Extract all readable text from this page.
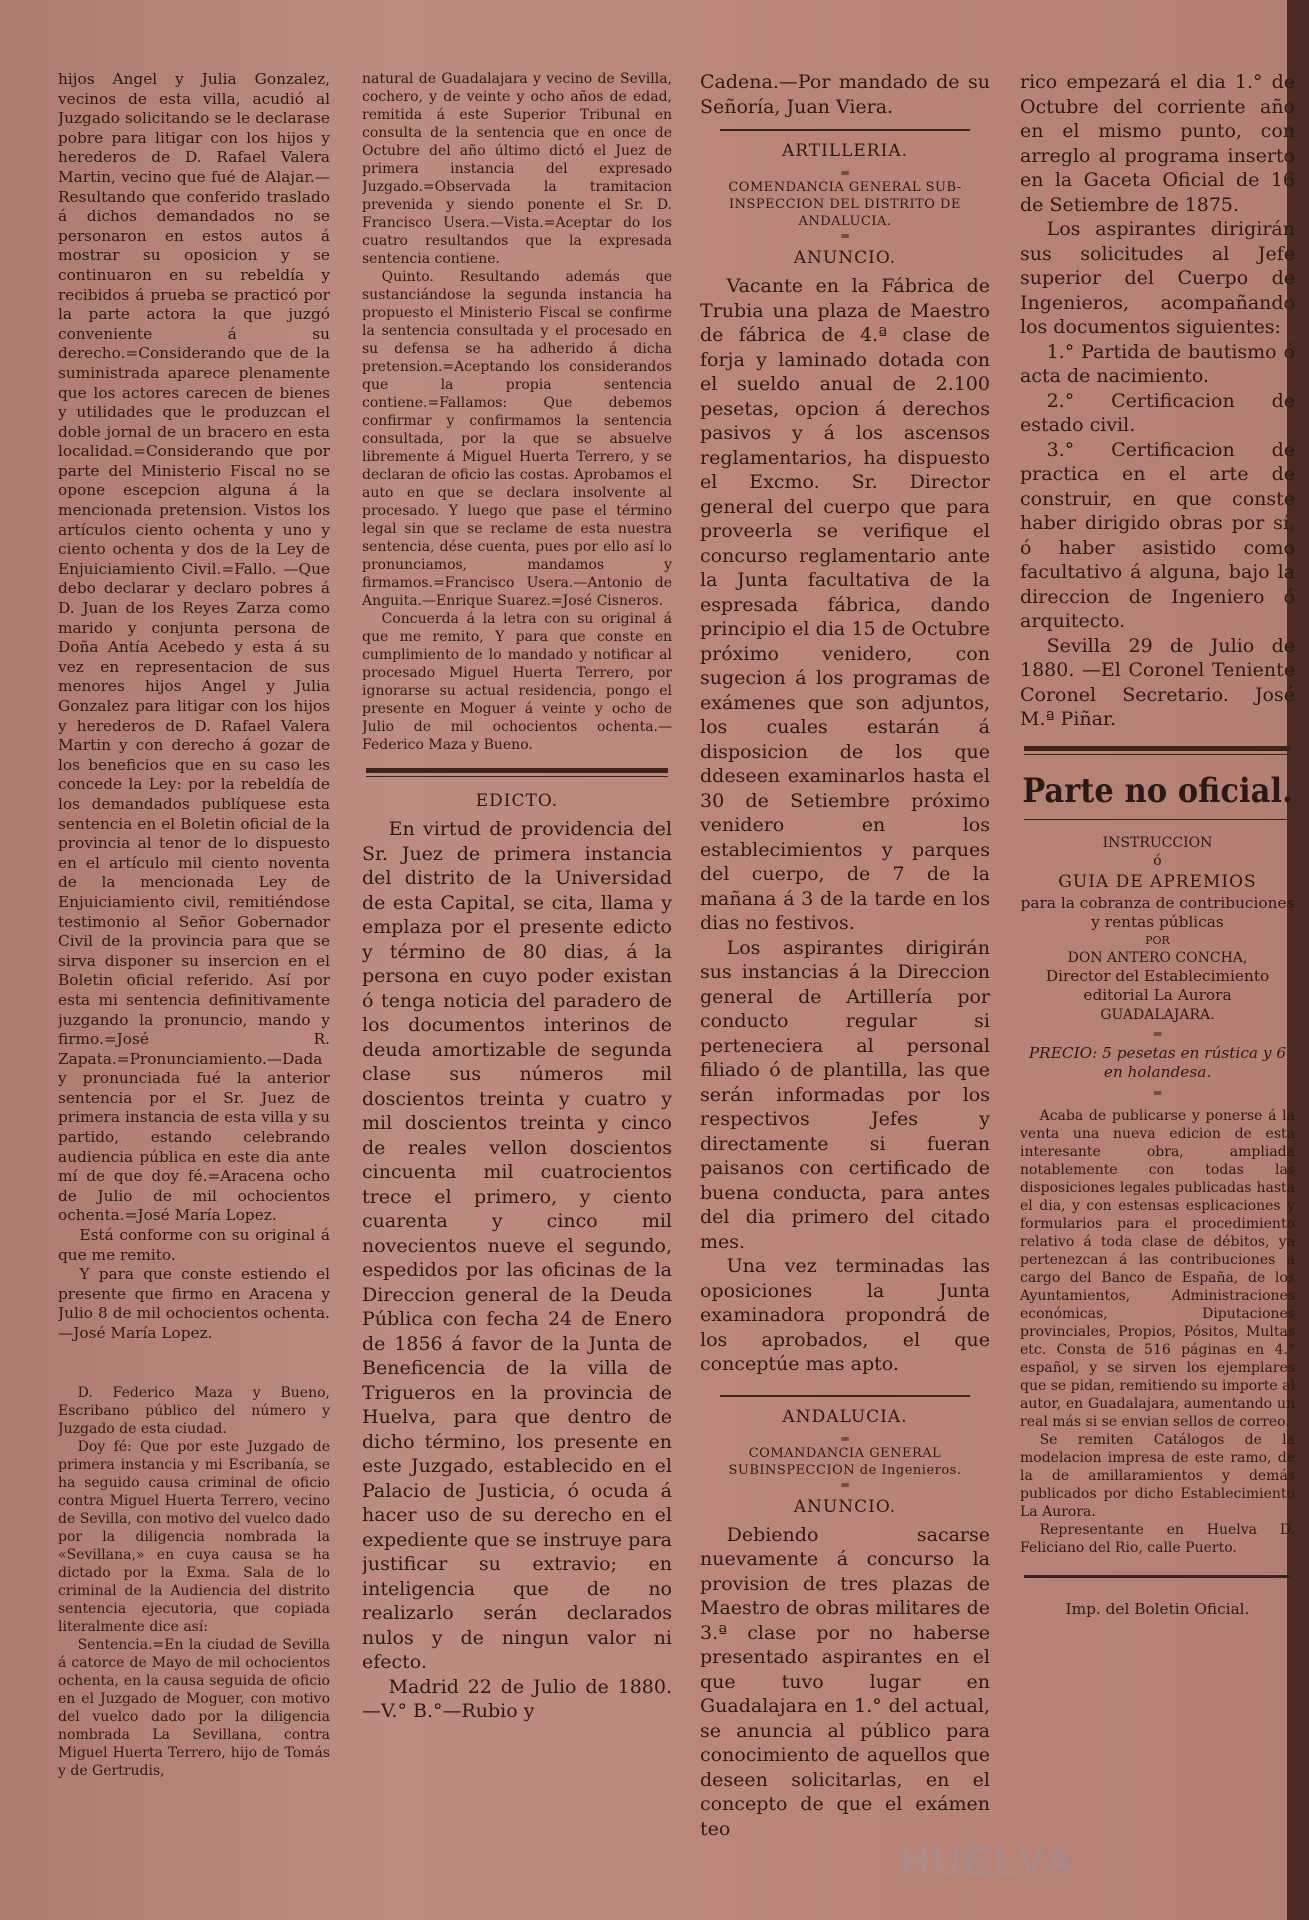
hijos Angel y Julia Gonzalez, vecinos de esta villa, acudió al Juzgado solicitando se le declarase pobre para litigar con los hijos y herederos de D. Rafael Valera Martin, vecino que fué de Alajar.—Resultando que conferido traslado á dichos demandados no se personaron en estos autos á mostrar su oposicion y se continuaron en su rebeldía y recibidos á prueba se practicó por la parte actora la que juzgó conveniente á su derecho.=Considerando que de la suministrada aparece plenamente que los actores carecen de bienes y utilidades que le produzcan el doble jornal de un bracero en esta localidad.=Considerando que por parte del Ministerio Fiscal no se opone escepcion alguna á la mencionada pretension. Vistos los artículos ciento ochenta y uno y ciento ochenta y dos de la Ley de Enjuiciamiento Civil.=Fallo. —Que debo declarar y declaro pobres á D. Juan de los Reyes Zarza como marido y conjunta persona de Doña Antía Acebedo y esta á su vez en representacion de sus menores hijos Angel y Julia Gonzalez para litigar con los hijos y herederos de D. Rafael Valera Martin y con derecho á gozar de los beneficios que en su caso les concede la Ley: por la rebeldía de los demandados publíquese esta sentencia en el Boletin oficial de la provincia al tenor de lo dispuesto en el artículo mil ciento noventa de la mencionada Ley de Enjuiciamiento civil, remitiéndose testimonio al Señor Gobernador Civil de la provincia para que se sirva disponer su insercion en el Boletin oficial referido. Así por esta mi sentencia definitivamente juzgando la pronuncio, mando y firmo.=José R. Zapata.=Pronunciamiento.—Dada y pronunciada fué la anterior sentencia por el Sr. Juez de primera instancia de esta villa y su partido, estando celebrando audiencia pública en este dia ante mí de que doy fé.=Aracena ocho de Julio de mil ochocientos ochenta.=José María Lopez.

Está conforme con su original á que me remito.

Y para que conste estiendo el presente que firmo en Aracena y Julio 8 de mil ochocientos ochenta. —José María Lopez.

D. Federico Maza y Bueno, Escribano público del número y Juzgado de esta ciudad.

Doy fé: Que por este Juzgado de primera instancia y mi Escribanía, se ha seguido causa criminal de oficio contra Miguel Huerta Terrero, vecino de Sevilla, con motivo del vuelco dado por la diligencia nombrada la «Sevillana,» en cuya causa se ha dictado por la Exma. Sala de lo criminal de la Audiencia del distrito sentencia ejecutoria, que copiada literalmente dice así:

Sentencia.=En la ciudad de Sevilla á catorce de Mayo de mil ochocientos ochenta, en la causa seguida de oficio en el Juzgado de Moguer, con motivo del vuelco dado por la diligencia nombrada La Sevillana, contra Miguel Huerta Terrero, hijo de Tomás y de Gertrudis,

natural de Guadalajara y vecino de Sevilla, cochero, y de veinte y ocho años de edad, remitida á este Superior Tribunal en consulta de la sentencia que en once de Octubre del año último dictó el Juez de primera instancia del expresado Juzgado.=Observada la tramitacion prevenida y siendo ponente el Sr. D. Francisco Usera.—Vista.=Aceptar do los cuatro resultandos que la expresada sentencia contiene.

Quinto. Resultando además que sustanciándose la segunda instancia ha propuesto el Ministerio Fiscal se confirme la sentencia consultada y el procesado en su defensa se ha adherido á dicha pretension.=Aceptando los considerandos que la propia sentencia contiene.=Fallamos: Que debemos confirmar y confirmamos la sentencia consultada, por la que se absuelve libremente á Miguel Huerta Terrero, y se declaran de oficio las costas. Aprobamos el auto en que se declara insolvente al procesado. Y luego que pase el término legal sin que se reclame de esta nuestra sentencia, dése cuenta, pues por ello así lo pronunciamos, mandamos y firmamos.=Francisco Usera.—Antonio de Anguita.—Enrique Suarez.=José Cisneros.

Concuerda á la letra con su original á que me remito, Y para que conste en cumplimiento de lo mandado y notificar al procesado Miguel Huerta Terrero, por ignorarse su actual residencia, pongo el presente en Moguer á veinte y ocho de Julio de mil ochocientos ochenta.—Federico Maza y Bueno.

EDICTO.

En virtud de providencia del Sr. Juez de primera instancia del distrito de la Universidad de esta Capital, se cita, llama y emplaza por el presente edicto y término de 80 dias, á la persona en cuyo poder existan ó tenga noticia del paradero de los documentos interinos de deuda amortizable de segunda clase sus números mil doscientos treinta y cuatro y mil doscientos treinta y cinco de reales vellon doscientos cincuenta mil cuatrocientos trece el primero, y ciento cuarenta y cinco mil novecientos nueve el segundo, espedidos por las oficinas de la Direccion general de la Deuda Pública con fecha 24 de Enero de 1856 á favor de la Junta de Beneficencia de la villa de Trigueros en la provincia de Huelva, para que dentro de dicho término, los presente en este Juzgado, establecido en el Palacio de Justicia, ó ocuda á hacer uso de su derecho en el expediente que se instruye para justificar su extravio; en inteligencia que de no realizarlo serán declarados nulos y de ningun valor ni efecto.

Madrid 22 de Julio de 1880.—V.° B.°—Rubio y

Cadena.—Por mandado de su Señoría, Juan Viera.

ARTILLERIA.
═
COMENDANCIA GENERAL SUB-INSPECCION DEL DISTRITO DE ANDALUCIA.
═
ANUNCIO.

Vacante en la Fábrica de Trubia una plaza de Maestro de fábrica de 4.ª clase de forja y laminado dotada con el sueldo anual de 2.100 pesetas, opcion á derechos pasivos y á los ascensos reglamentarios, ha dispuesto el Excmo. Sr. Director general del cuerpo que para proveerla se verifique el concurso reglamentario ante la Junta facultativa de la espresada fábrica, dando principio el dia 15 de Octubre próximo venidero, con sugecion á los programas de exámenes que son adjuntos, los cuales estarán á disposicion de los que ddeseen examinarlos hasta el 30 de Setiembre próximo venidero en los establecimientos y parques del cuerpo, de 7 de la mañana á 3 de la tarde en los dias no festivos.

Los aspirantes dirigirán sus instancias á la Direccion general de Artillería por conducto regular si perteneciera al personal filiado ó de plantilla, las que serán informadas por los respectivos Jefes y directamente si fueran paisanos con certificado de buena conducta, para antes del dia primero del citado mes.

Una vez terminadas las oposiciones la Junta examinadora propondrá de los aprobados, el que conceptúe mas apto.

ANDALUCIA.
═
COMANDANCIA GENERAL SUBINSPECCION de Ingenieros.
═
ANUNCIO.

Debiendo sacarse nuevamente á concurso la provision de tres plazas de Maestro de obras militares de 3.ª clase por no haberse presentado aspirantes en el que tuvo lugar en Guadalajara en 1.° del actual, se anuncia al público para conocimiento de aquellos que deseen solicitarlas, en el concepto de que el exámen teo

rico empezará el dia 1.° de Octubre del corriente año en el mismo punto, con arreglo al programa inserto en la Gaceta Oficial de 16 de Setiembre de 1875.

Los aspirantes dirigirán sus solicitudes al Jefe superior del Cuerpo de Ingenieros, acompañando los documentos siguientes:

1.° Partida de bautismo ó acta de nacimiento.

2.° Certificacion de estado civil.

3.° Certificacion de practica en el arte de construir, en que conste haber dirigido obras por sí, ó haber asistido como facultativo á alguna, bajo la direccion de Ingeniero ó arquitecto.

Sevilla 29 de Julio de 1880. —El Coronel Teniente Coronel Secretario. José M.ª Piñar.

Parte no oficial.
INSTRUCCION
ó
GUIA DE APREMIOS
para la cobranza de contribuciones y rentas públicas
POR
DON ANTERO CONCHA,
Director del Establecimiento editorial La Aurora
GUADALAJARA.
═
PRECIO: 5 pesetas en rústica y 6 en holandesa.
═

Acaba de publicarse y ponerse á la venta una nueva edicion de esta interesante obra, ampliada notablemente con todas las disposiciones legales publicadas hasta el dia, y con estensas esplicaciones y formularios para el procedimiento relativo á toda clase de débitos, ya pertenezcan á las contribuciones á cargo del Banco de España, de los Ayuntamientos, Administraciones económicas, Diputaciones provinciales, Propios, Pósitos, Multas etc. Consta de 516 páginas en 4.° español, y se sirven los ejemplares que se pidan, remitiendo su importe al autor, en Guadalajara, aumentando un real más si se envian sellos de correo.

Se remiten Catálogos de la modelacion impresa de este ramo, de la de amillaramientos y demás publicados por dicho Establecimiento La Aurora.

Representante en Huelva D. Feliciano del Rio, calle Puerto.

Imp. del Boletin Oficial.
HUELVA
